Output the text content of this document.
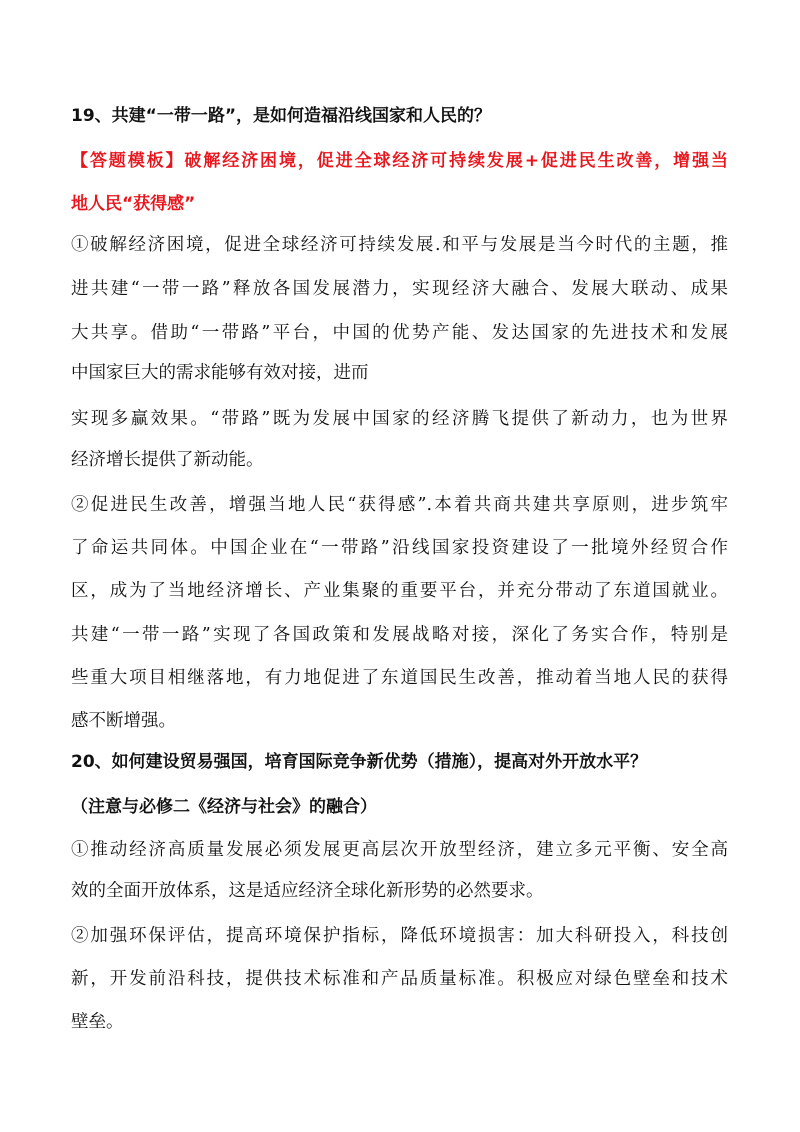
19、共建“一带一路”，是如何造福沿线国家和人民的？
【答题模板】破解经济困境，促进全球经济可持续发展+促进民生改善，增强当
地人民“获得感”
①破解经济困境，促进全球经济可持续发展.和平与发展是当今时代的主题，推
进共建“一带一路”释放各国发展潜力，实现经济大融合、发展大联动、成果
大共享。借助“一带路”平台，中国的优势产能、发达国家的先进技术和发展
中国家巨大的需求能够有效对接，进而
实现多赢效果。“带路”既为发展中国家的经济腾飞提供了新动力，也为世界
经济增长提供了新动能。
②促进民生改善，增强当地人民“获得感”.本着共商共建共享原则，进步筑牢
了命运共同体。中国企业在“一带路”沿线国家投资建设了一批境外经贸合作
区，成为了当地经济增长、产业集聚的重要平台，并充分带动了东道国就业。
共建“一带一路”实现了各国政策和发展战略对接，深化了务实合作，特别是
些重大项目相继落地，有力地促进了东道国民生改善，推动着当地人民的获得
感不断增强。
20、如何建设贸易强国，培育国际竞争新优势（措施），提高对外开放水平？
（注意与必修二《经济与社会》的融合）
①推动经济高质量发展必须发展更高层次开放型经济，建立多元平衡、安全高
效的全面开放体系，这是适应经济全球化新形势的必然要求。
②加强环保评估，提高环境保护指标，降低环境损害：加大科研投入，科技创
新，开发前沿科技，提供技术标准和产品质量标准。积极应对绿色壁垒和技术
壁垒。
